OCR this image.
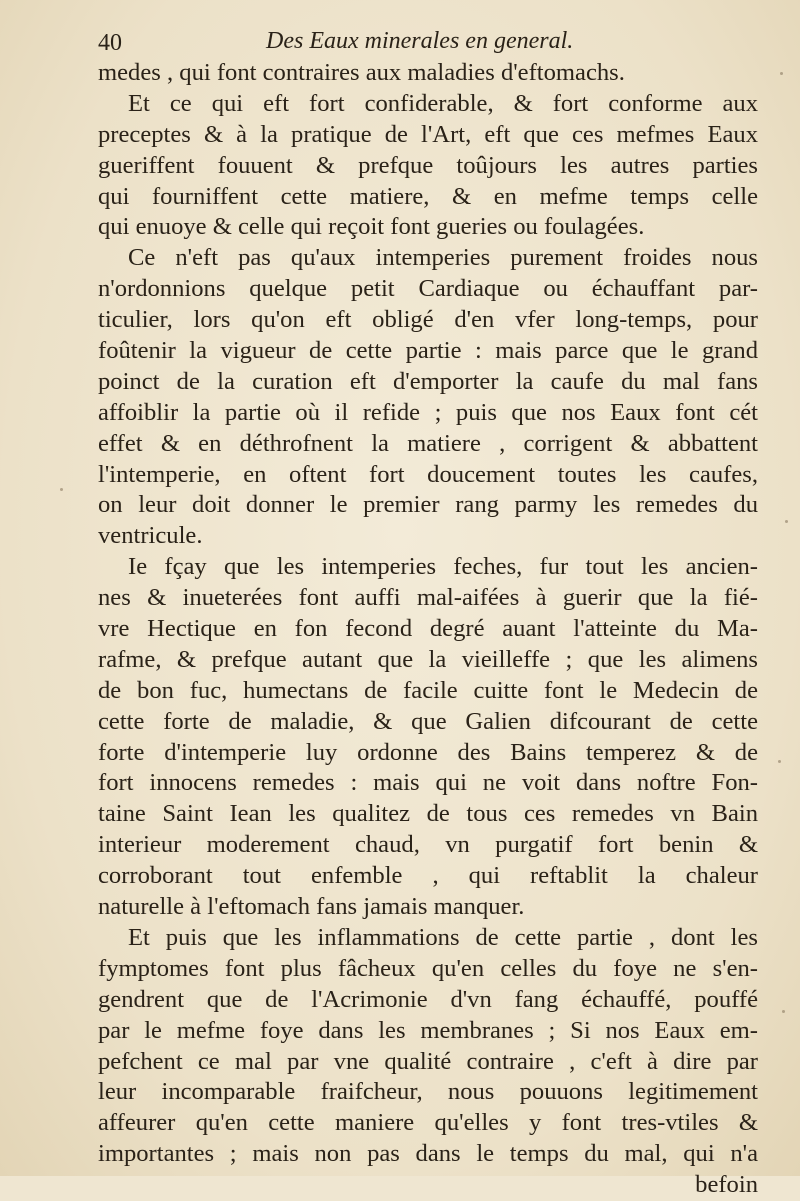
40	Des Eaux minerales en general.
medes , qui font contraires aux maladies d'eftomachs.
Et ce qui eft fort confiderable, & fort conforme aux
preceptes & à la pratique de l'Art, eft que ces mefmes Eaux
gueriffent fouuent & prefque toûjours les autres parties
qui fourniffent cette matiere, & en mefme temps celle
qui enuoye & celle qui reçoit font gueries ou foulagées.
Ce n'eft pas qu'aux intemperies purement froides nous
n'ordonnions quelque petit Cardiaque ou échauffant par-
ticulier, lors qu'on eft obligé d'en vfer long-temps, pour
foûtenir la vigueur de cette partie : mais parce que le grand
poinct de la curation eft d'emporter la caufe du mal fans
affoiblir la partie où il refide ; puis que nos Eaux font cét
effet & en déthrofnent la matiere , corrigent & abbattent
l'intemperie, en oftent fort doucement toutes les caufes,
on leur doit donner le premier rang parmy les remedes du
ventricule.
Ie fçay que les intemperies feches, fur tout les ancien-
nes & inueterées font auffi mal-aifées à guerir que la fié-
vre Hectique en fon fecond degré auant l'atteinte du Ma-
rafme, & prefque autant que la vieilleffe ; que les alimens
de bon fuc, humectans de facile cuitte font le Medecin de
cette forte de maladie, & que Galien difcourant de cette
forte d'intemperie luy ordonne des Bains temperez & de
fort innocens remedes : mais qui ne voit dans noftre Fon-
taine Saint Iean les qualitez de tous ces remedes vn Bain
interieur moderement chaud, vn purgatif fort benin &
corroborant tout enfemble , qui reftablit la chaleur
naturelle à l'eftomach fans jamais manquer.
Et puis que les inflammations de cette partie , dont les
fymptomes font plus fâcheux qu'en celles du foye ne s'en-
gendrent que de l'Acrimonie d'vn fang échauffé, pouffé
par le mefme foye dans les membranes ; Si nos Eaux em-
pefchent ce mal par vne qualité contraire , c'eft à dire par
leur incomparable fraifcheur, nous pouuons legitimement
affeurer qu'en cette maniere qu'elles y font tres-vtiles &
importantes ; mais non pas dans le temps du mal, qui n'a
befoin
